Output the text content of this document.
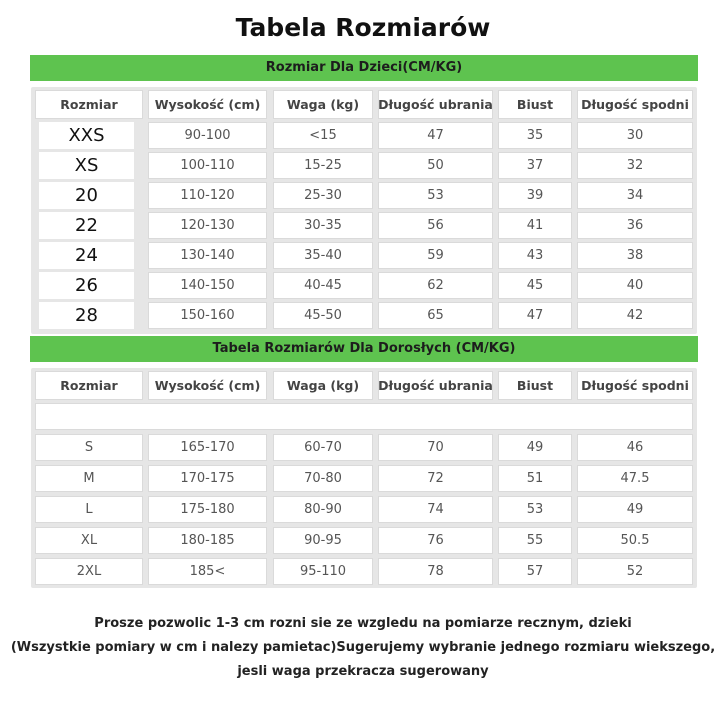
Tabela Rozmiarów
Rozmiar Dla Dzieci(CM/KG)
Rozmiar	Wysokość (cm)	Waga (kg)	Długość ubrania	Biust	Długość spodni
XXS	90-100	<15	47	35	30
XS	100-110	15-25	50	37	32
20	110-120	25-30	53	39	34
22	120-130	30-35	56	41	36
24	130-140	35-40	59	43	38
26	140-150	40-45	62	45	40
28	150-160	45-50	65	47	42
Tabela Rozmiarów Dla Dorosłych (CM/KG)
Rozmiar	Wysokość (cm)	Waga (kg)	Długość ubrania	Biust	Długość spodni
S	165-170	60-70	70	49	46
M	170-175	70-80	72	51	47.5
L	175-180	80-90	74	53	49
XL	180-185	90-95	76	55	50.5
2XL	185<	95-110	78	57	52
Prosze pozwolic 1-3 cm rozni sie ze wzgledu na pomiarze recznym, dzieki
(Wszystkie pomiary w cm i nalezy pamietac)Sugerujemy wybranie jednego rozmiaru wiekszego,
jesli waga przekracza sugerowany
